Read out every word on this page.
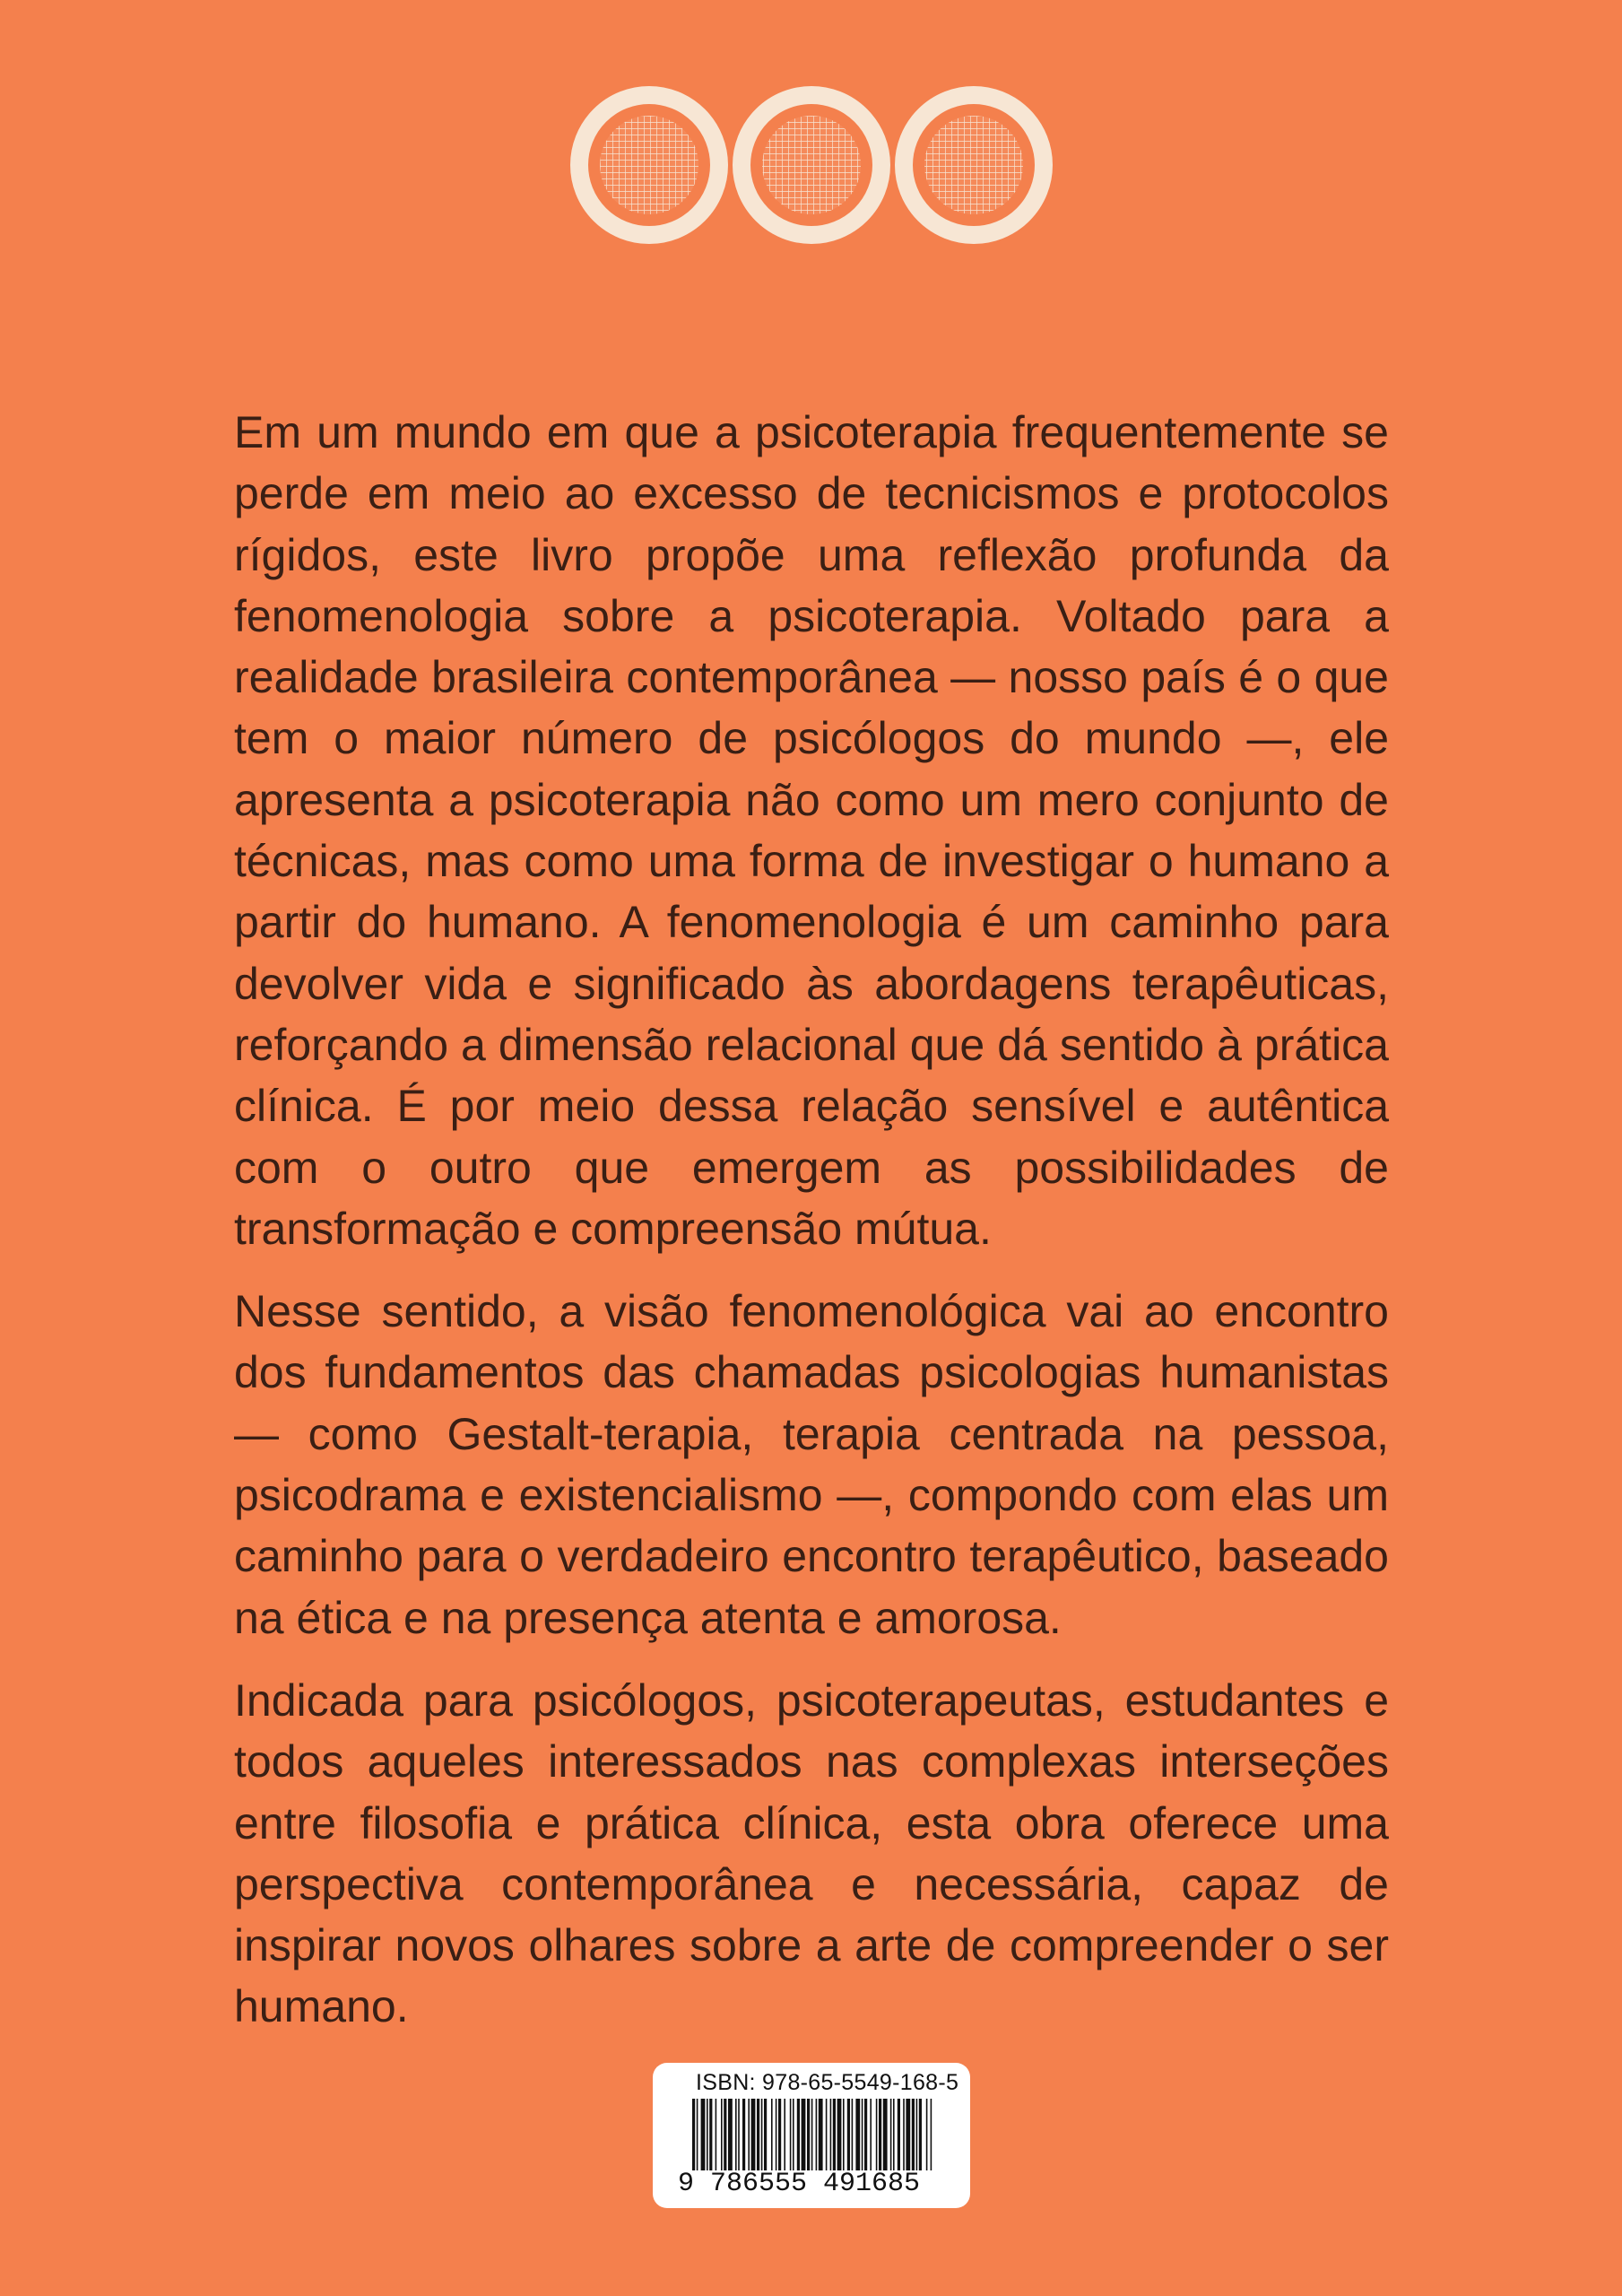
Em um mundo em que a psicoterapia frequentemente se perde em meio ao excesso de tecnicismos e protocolos rígidos, este livro propõe uma reflexão profunda da fenomenologia sobre a psicoterapia. Voltado para a realidade brasileira contemporânea — nosso país é o que tem o maior número de psicólogos do mundo —, ele apresenta a psicoterapia não como um mero conjunto de técnicas, mas como uma forma de investigar o humano a partir do humano. A fenomenologia é um caminho para devolver vida e significado às abordagens terapêuticas, reforçando a dimensão relacional que dá sentido à prática clínica. É por meio dessa relação sensível e autêntica com o outro que emergem as possibilidades de transformação e compreensão mútua.

Nesse sentido, a visão fenomenológica vai ao encontro dos fundamentos das chamadas psicologias humanistas — como Gestalt-terapia, terapia centrada na pessoa, psicodrama e existencialismo —, compondo com elas um caminho para o verdadeiro encontro terapêutico, baseado na ética e na presença atenta e amorosa.

Indicada para psicólogos, psicoterapeutas, estudantes e todos aqueles interessados nas complexas interseções entre filosofia e prática clínica, esta obra oferece uma perspectiva contemporânea e necessária, capaz de inspirar novos olhares sobre a arte de compreender o ser humano.

ISBN: 978-65-5549-168-5
9 786555 491685
